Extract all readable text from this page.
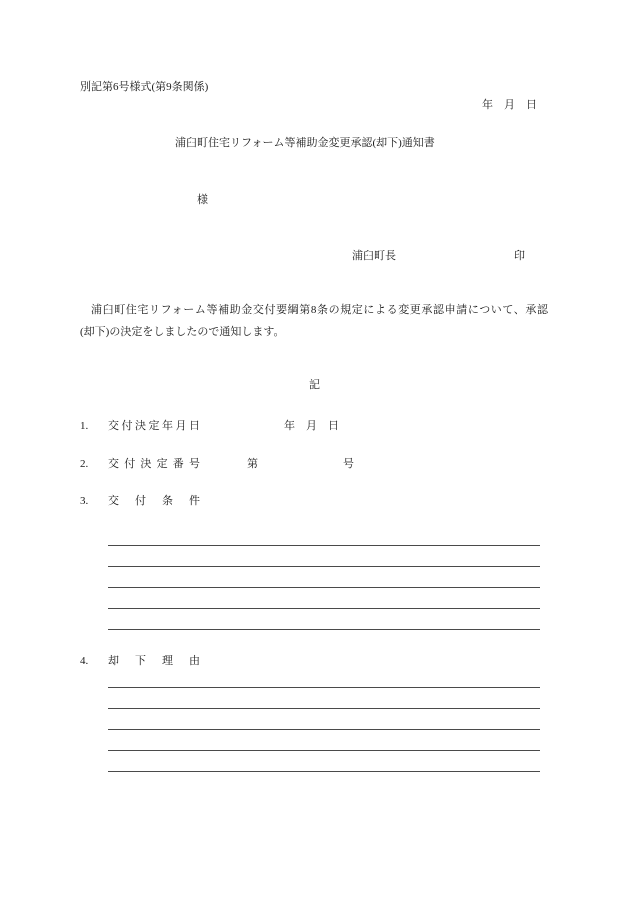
別記第6号様式(第9条関係)
年　月　日
浦臼町住宅リフォーム等補助金変更承認(却下)通知書
様
浦臼町長	印
浦臼町住宅リフォーム等補助金交付要綱第8条の規定による変更承認申請について、承認
(却下)の決定をしましたので通知します。
記
1. 交付決定年月日	年　月　日
2. 交付決定番号	第	号
3. 交付条件
4. 却下理由
